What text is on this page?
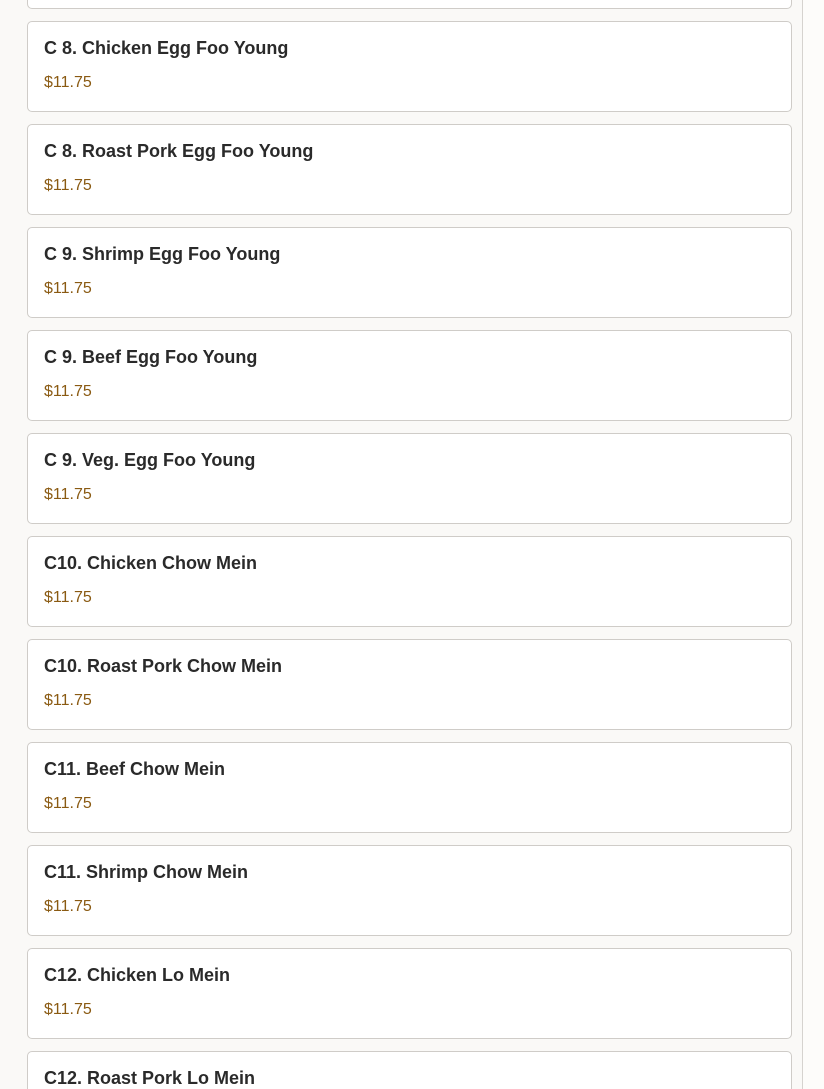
C 8. Chicken Egg Foo Young
$11.75
C 8. Roast Pork Egg Foo Young
$11.75
C 9. Shrimp Egg Foo Young
$11.75
C 9. Beef Egg Foo Young
$11.75
C 9. Veg. Egg Foo Young
$11.75
C10. Chicken Chow Mein
$11.75
C10. Roast Pork Chow Mein
$11.75
C11. Beef Chow Mein
$11.75
C11. Shrimp Chow Mein
$11.75
C12. Chicken Lo Mein
$11.75
C12. Roast Pork Lo Mein
